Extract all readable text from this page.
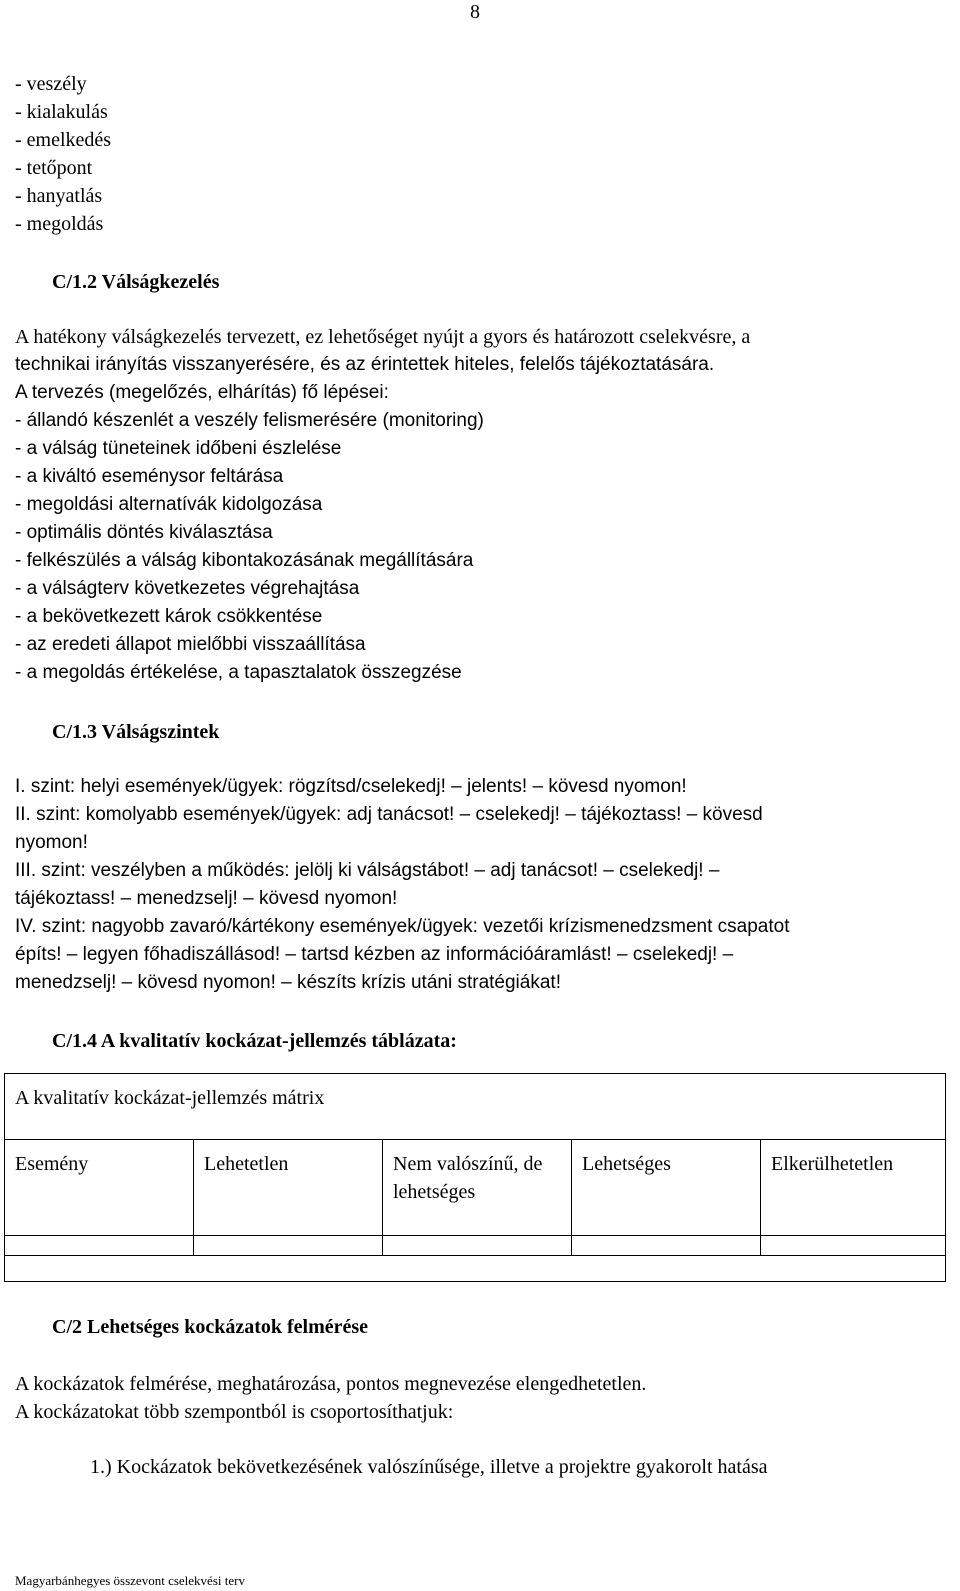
8
- veszély
- kialakulás
- emelkedés
- tetőpont
- hanyatlás
- megoldás
C/1.2 Válságkezelés
A hatékony válságkezelés tervezett, ez lehetőséget nyújt a gyors és határozott cselekvésre, a
technikai irányítás visszanyerésére, és az érintettek hiteles, felelős tájékoztatására.
A tervezés (megelőzés, elhárítás) fő lépései:
- állandó készenlét a veszély felismerésére (monitoring)
- a válság tüneteinek időbeni észlelése
- a kiváltó eseménysor feltárása
- megoldási alternatívák kidolgozása
- optimális döntés kiválasztása
- felkészülés a válság kibontakozásának megállítására
- a válságterv következetes végrehajtása
- a bekövetkezett károk csökkentése
- az eredeti állapot mielőbbi visszaállítása
- a megoldás értékelése, a tapasztalatok összegzése
C/1.3 Válságszintek
I. szint: helyi események/ügyek: rögzítsd/cselekedj! – jelents! – kövesd nyomon!
II. szint: komolyabb események/ügyek: adj tanácsot! – cselekedj! – tájékoztass! – kövesd
nyomon!
III. szint: veszélyben a működés: jelölj ki válságstábot! – adj tanácsot! – cselekedj! –
tájékoztass! – menedzselj! – kövesd nyomon!
IV. szint: nagyobb zavaró/kártékony események/ügyek: vezetői krízismenedzsment csapatot
építs! – legyen főhadiszállásod! – tartsd kézben az információáramlást! – cselekedj! –
menedzselj! – kövesd nyomon! – készíts krízis utáni stratégiákat!
C/1.4 A kvalitatív kockázat-jellemzés táblázata:
A kvalitatív kockázat-jellemzés mátrix				
Esemény	Lehetetlen	Nem valószínű, de lehetséges	Lehetséges	Elkerülhetetlen

C/2 Lehetséges kockázatok felmérése
A kockázatok felmérése, meghatározása, pontos megnevezése elengedhetetlen.
A kockázatokat több szempontból is csoportosíthatjuk:
1.) Kockázatok bekövetkezésének valószínűsége, illetve a projektre gyakorolt hatása
Magyarbánhegyes összevont cselekvési terv
